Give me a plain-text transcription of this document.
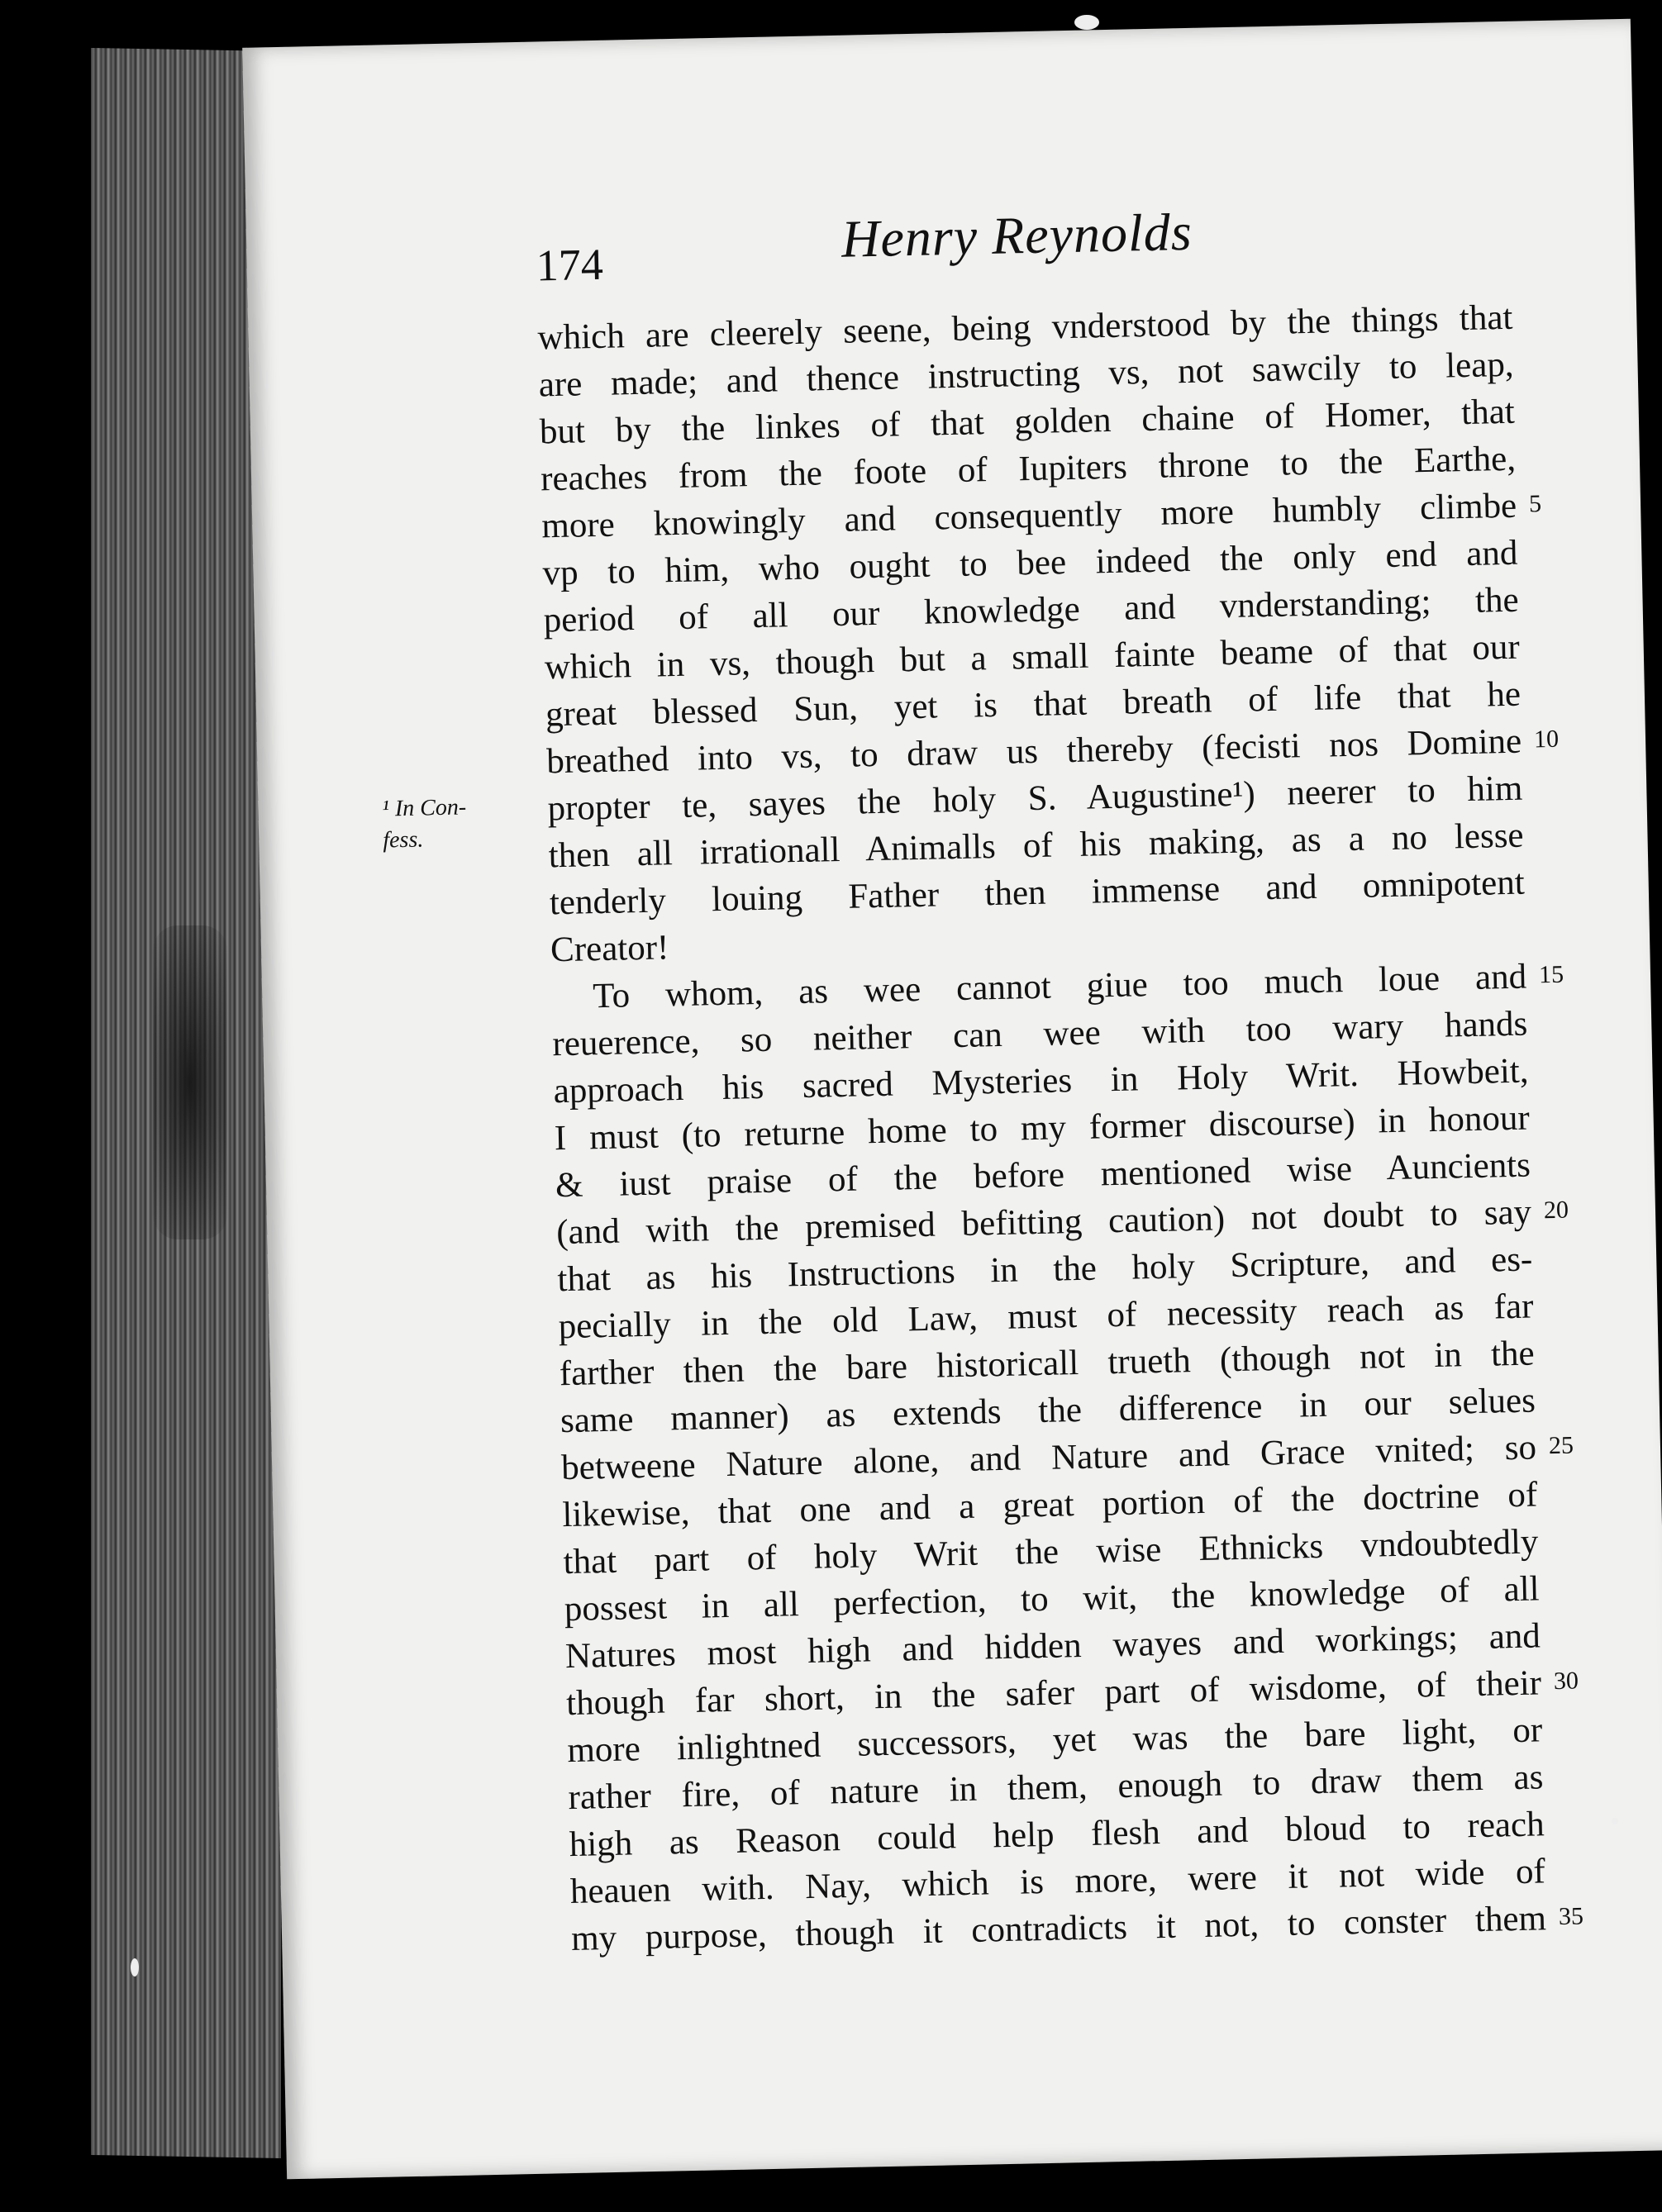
174	Henry Reynolds
¹ In Con-
fess.
which are cleerely seene, being vnderstood by the things that
are made; and thence instructing vs, not sawcily to leap,
but by the linkes of that golden chaine of Homer, that
reaches from the foote of Iupiters throne to the Earthe,
more knowingly and consequently more humbly climbe
vp to him, who ought to bee indeed the only end and
period of all our knowledge and vnderstanding; the
which in vs, though but a small fainte beame of that our
great blessed Sun, yet is that breath of life that he
breathed into vs, to draw us thereby (fecisti nos Domine
propter te, sayes the holy S. Augustine¹) neerer to him
then all irrationall Animalls of his making, as a no lesse
tenderly louing Father then immense and omnipotent
Creator!
To whom, as wee cannot giue too much loue and
reuerence, so neither can wee with too wary hands
approach his sacred Mysteries in Holy Writ. Howbeit,
I must (to returne home to my former discourse) in honour
& iust praise of the before mentioned wise Auncients
(and with the premised befitting caution) not doubt to say
that as his Instructions in the holy Scripture, and es-
pecially in the old Law, must of necessity reach as far
farther then the bare historicall trueth (though not in the
same manner) as extends the difference in our selues
betweene Nature alone, and Nature and Grace vnited; so
likewise, that one and a great portion of the doctrine of
that part of holy Writ the wise Ethnicks vndoubtedly
possest in all perfection, to wit, the knowledge of all
Natures most high and hidden wayes and workings; and
though far short, in the safer part of wisdome, of their
more inlightned successors, yet was the bare light, or
rather fire, of nature in them, enough to draw them as
high as Reason could help flesh and bloud to reach
heauen with. Nay, which is more, were it not wide of
my purpose, though it contradicts it not, to conster them
5
10
15
20
25
30
35
